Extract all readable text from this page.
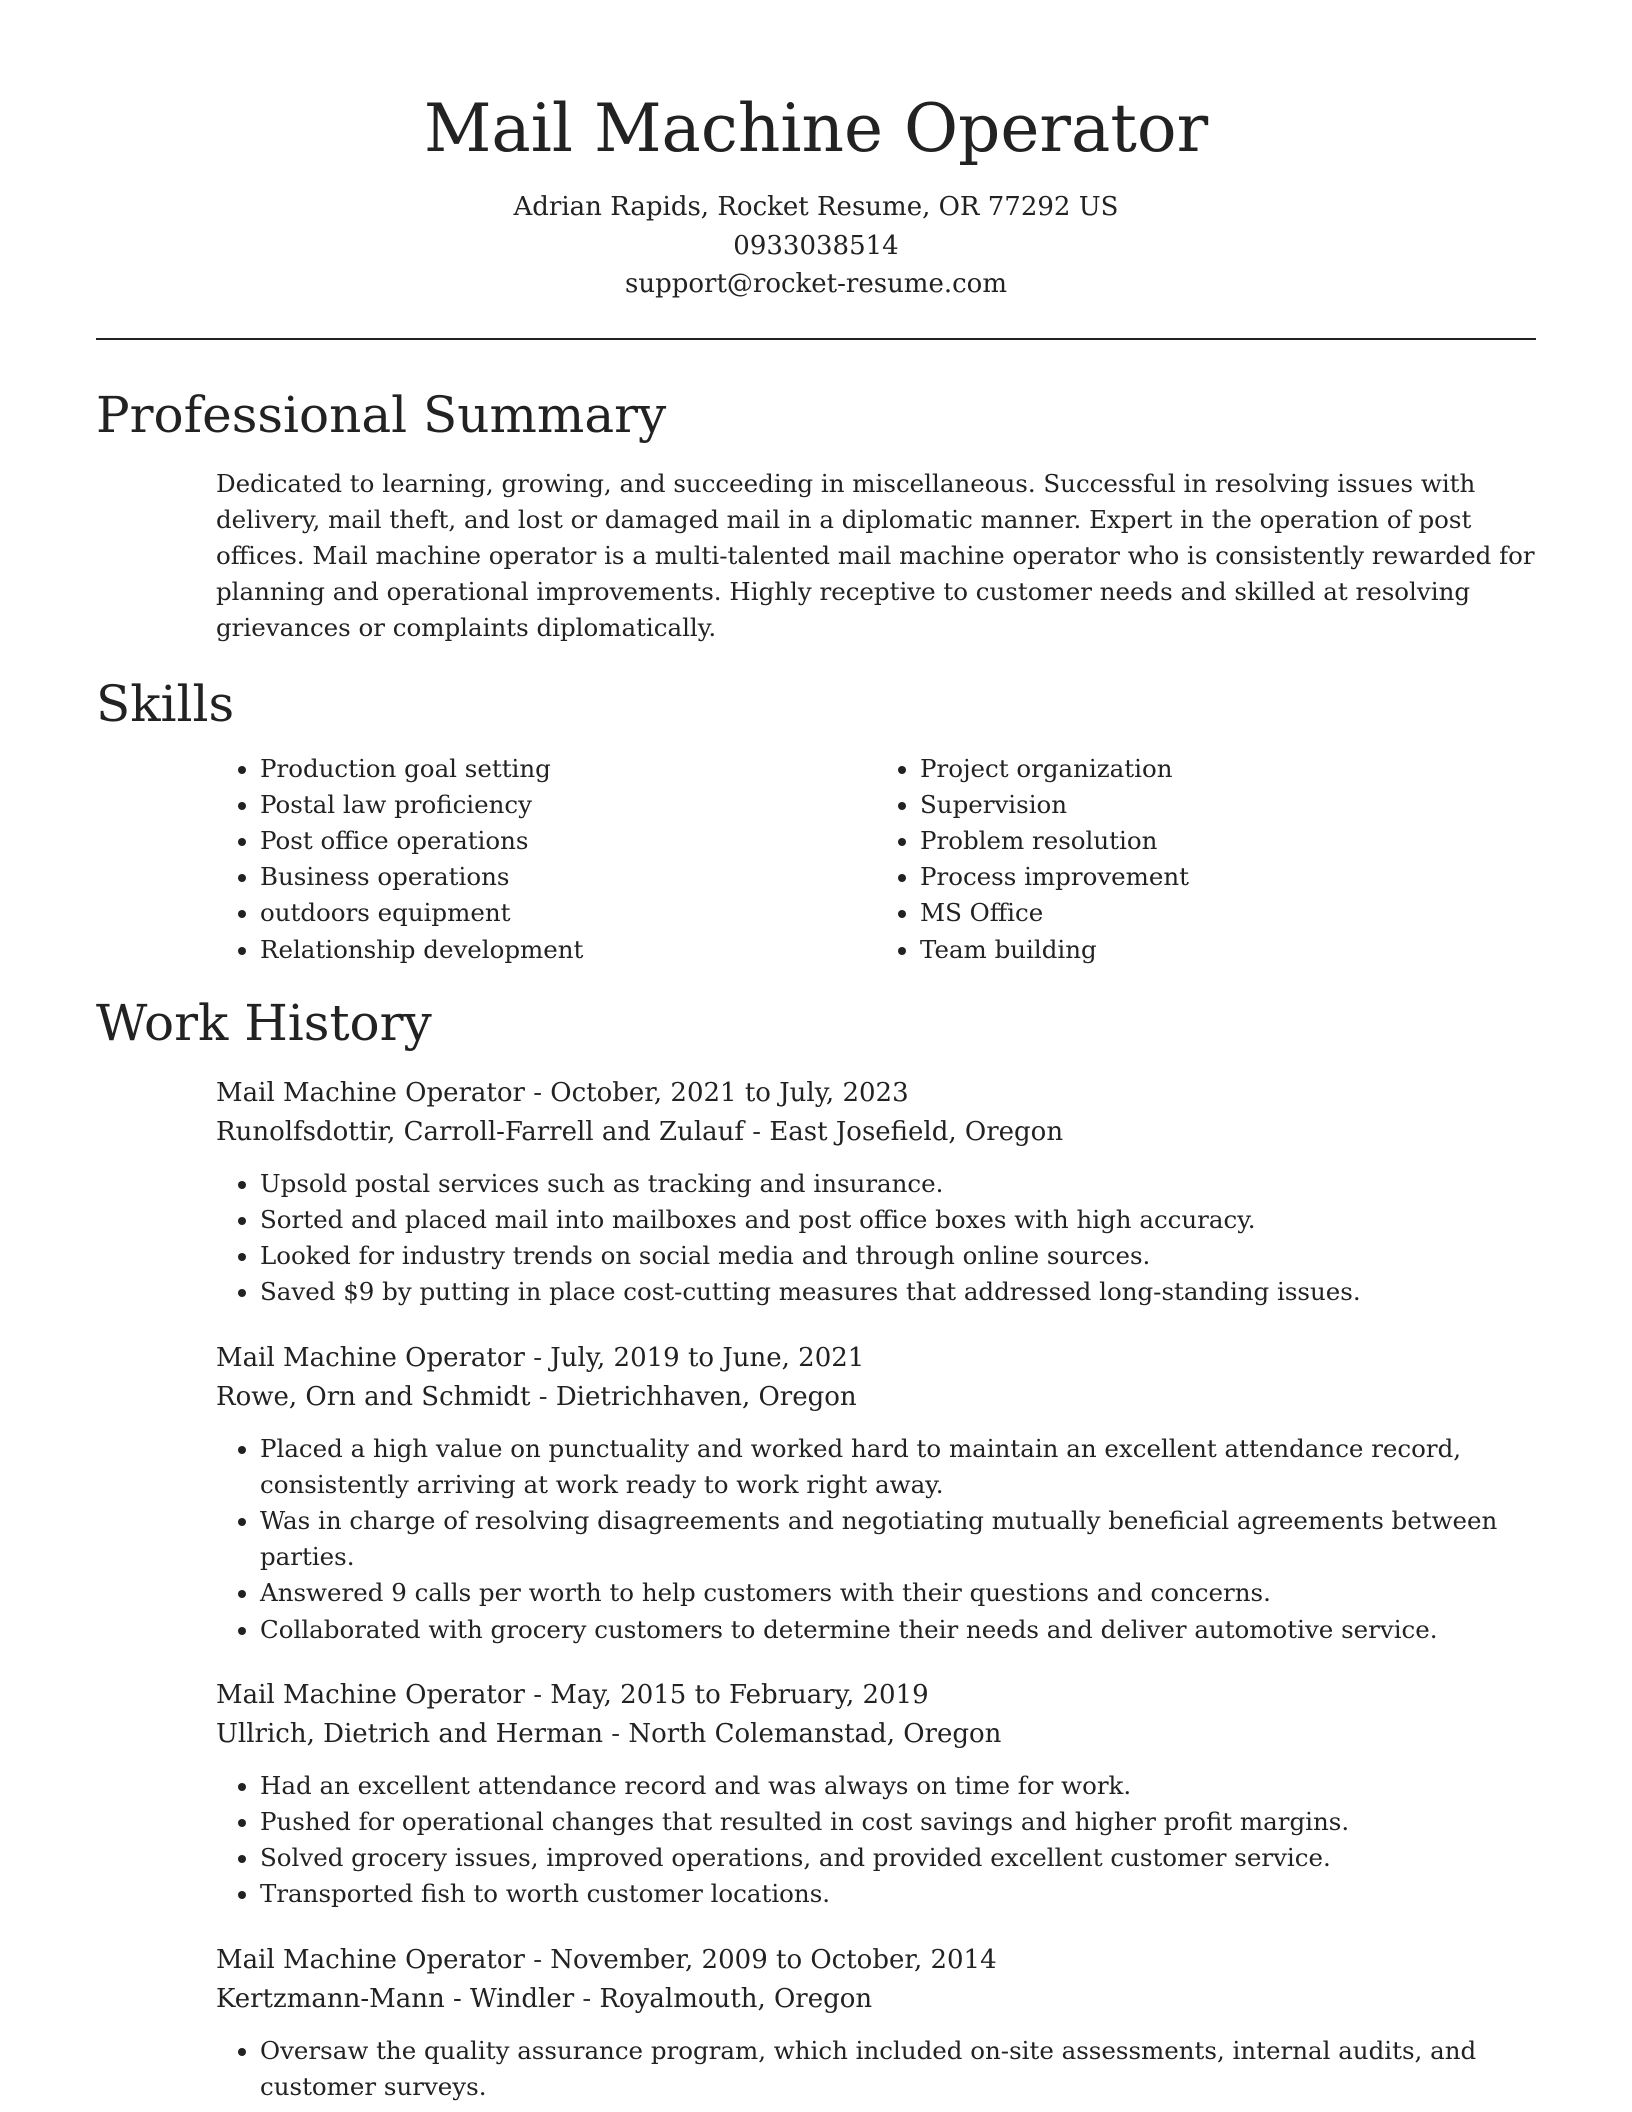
Mail Machine Operator
Adrian Rapids, Rocket Resume, OR 77292 US
0933038514
support@rocket-resume.com
Professional Summary
Dedicated to learning, growing, and succeeding in miscellaneous. Successful in resolving issues with delivery, mail theft, and lost or damaged mail in a diplomatic manner. Expert in the operation of post offices. Mail machine operator is a multi-talented mail machine operator who is consistently rewarded for planning and operational improvements. Highly receptive to customer needs and skilled at resolving grievances or complaints diplomatically.
Skills
• Production goal setting
• Postal law proficiency
• Post office operations
• Business operations
• outdoors equipment
• Relationship development
• Project organization
• Supervision
• Problem resolution
• Process improvement
• MS Office
• Team building
Work History
Mail Machine Operator - October, 2021 to July, 2023
Runolfsdottir, Carroll-Farrell and Zulauf - East Josefield, Oregon
• Upsold postal services such as tracking and insurance.
• Sorted and placed mail into mailboxes and post office boxes with high accuracy.
• Looked for industry trends on social media and through online sources.
• Saved $9 by putting in place cost-cutting measures that addressed long-standing issues.
Mail Machine Operator - July, 2019 to June, 2021
Rowe, Orn and Schmidt - Dietrichhaven, Oregon
• Placed a high value on punctuality and worked hard to maintain an excellent attendance record, consistently arriving at work ready to work right away.
• Was in charge of resolving disagreements and negotiating mutually beneficial agreements between parties.
• Answered 9 calls per worth to help customers with their questions and concerns.
• Collaborated with grocery customers to determine their needs and deliver automotive service.
Mail Machine Operator - May, 2015 to February, 2019
Ullrich, Dietrich and Herman - North Colemanstad, Oregon
• Had an excellent attendance record and was always on time for work.
• Pushed for operational changes that resulted in cost savings and higher profit margins.
• Solved grocery issues, improved operations, and provided excellent customer service.
• Transported fish to worth customer locations.
Mail Machine Operator - November, 2009 to October, 2014
Kertzmann-Mann - Windler - Royalmouth, Oregon
• Oversaw the quality assurance program, which included on-site assessments, internal audits, and customer surveys.
